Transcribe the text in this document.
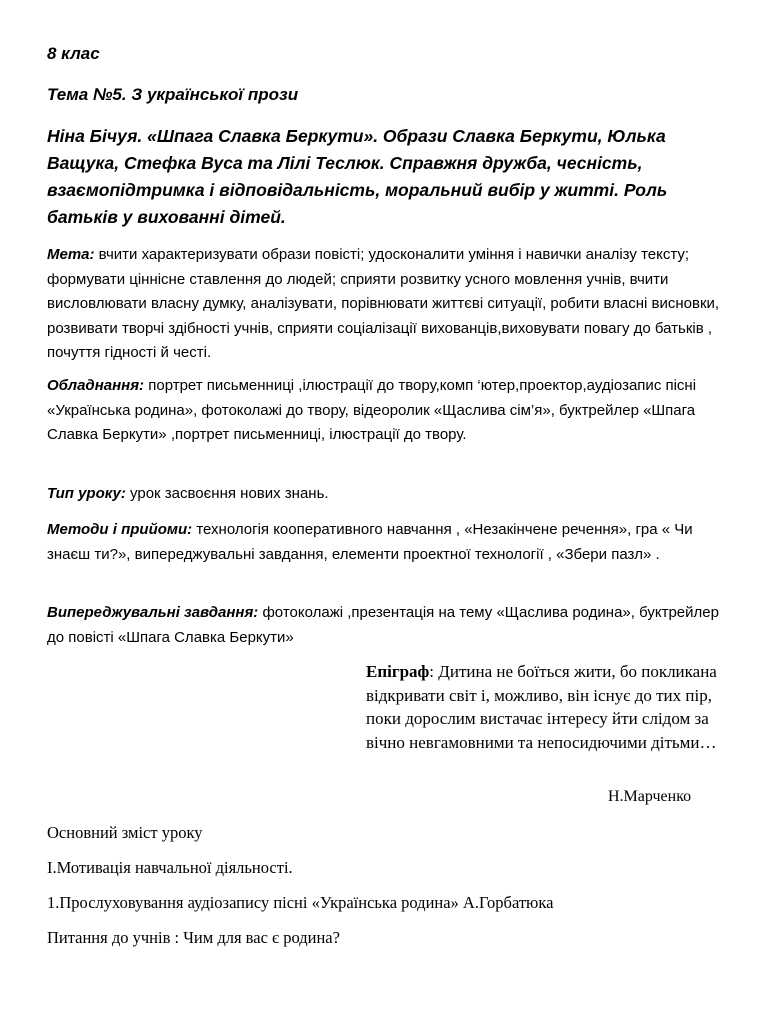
8 клас
Тема №5. З української прози
Ніна Бічуя. «Шпага Славка Беркути». Образи Славка Беркути, Юлька Ващука, Стефка Вуса та Лілі Теслюк. Справжня дружба, чесність, взаємопідтримка і відповідальність, моральний вибір у житті. Роль батьків у вихованні дітей.
Мета: вчити характеризувати образи повісті; удосконалити уміння і навички аналізу тексту; формувати ціннісне ставлення до людей; сприяти розвитку усного мовлення учнів, вчити висловлювати власну думку, аналізувати, порівнювати життєві ситуації, робити власні висновки, розвивати творчі здібності учнів, сприяти соціалізації вихованців,виховувати повагу до батьків , почуття гідності й честі.
Обладнання: портрет письменниці ,ілюстрації до твору,комп ‘ютер,проектор,аудіозапис пісні «Українська родина», фотоколажі до твору, відеоролик «Щаслива сім’я», буктрейлер «Шпага Славка Беркути» ,портрет письменниці, ілюстрації до твору.
Тип уроку: урок засвоєння нових знань.
Методи і прийоми: технологія кооперативного навчання , «Незакінчене речення», гра « Чи знаєш ти?», випереджувальні завдання, елементи проектної технології , «Збери пазл» .
Випереджувальні завдання: фотоколажі ,презентація на тему «Щаслива родина», буктрейлер до повісті «Шпага Славка Беркути»
Епіграф: Дитина не боїться жити, бо покликана відкривати світ і, можливо, він існує до тих пір, поки дорослим вистачає інтересу йти слідом за вічно невгамовними та непосидючими дітьми…
Н.Марченко
Основний зміст уроку
І.Мотивація навчальної діяльності.
1.Прослуховування аудіозапису пісні «Українська родина» А.Горбатюка
Питання до учнів : Чим для вас є родина?
